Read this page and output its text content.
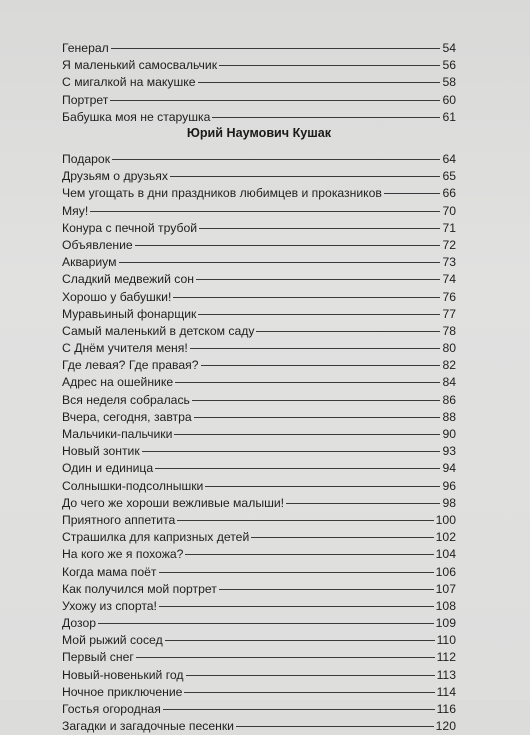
Генерал	54
Я маленький самосвальчик	56
С мигалкой на макушке	58
Портрет	60
Бабушка моя не старушка	61
Юрий Наумович Кушак
Подарок	64
Друзьям о друзьях	65
Чем угощать в дни праздников любимцев и проказников	66
Мяу!	70
Конура с печной трубой	71
Объявление	72
Аквариум	73
Сладкий медвежий сон	74
Хорошо у бабушки!	76
Муравьиный фонарщик	77
Самый маленький в детском саду	78
С Днём учителя меня!	80
Где левая? Где правая?	82
Адрес на ошейнике	84
Вся неделя собралась	86
Вчера, сегодня, завтра	88
Мальчики-пальчики	90
Новый зонтик	93
Один и единица	94
Солнышки-подсолнышки	96
До чего же хороши вежливые малыши!	98
Приятного аппетита	100
Страшилка для капризных детей	102
На кого же я похожа?	104
Когда мама поёт	106
Как получился мой портрет	107
Ухожу из спорта!	108
Дозор	109
Мой рыжий сосед	110
Первый снег	112
Новый-новенький год	113
Ночное приключение	114
Гостья огородная	116
Загадки и загадочные песенки	120
